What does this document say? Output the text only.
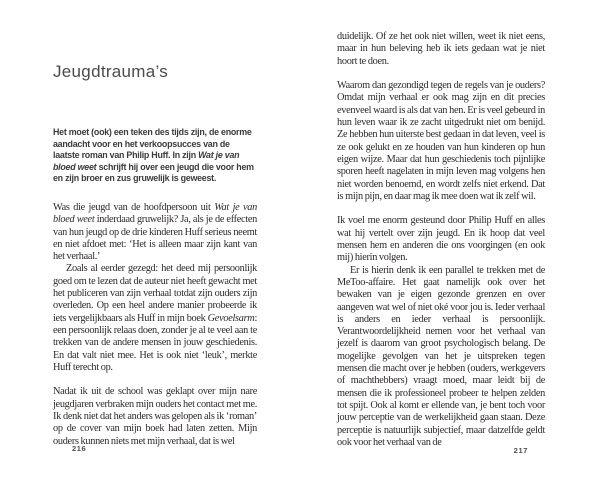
Jeugdtrauma’s
Het moet (ook) een teken des tijds zijn, de enorme aandacht voor en het verkoopsucces van de laatste roman van Philip Huff. In zijn Wat je van bloed weet schrijft hij over een jeugd die voor hem en zijn broer en zus gruwelijk is geweest.

Was die jeugd van de hoofdpersoon uit Wat je van bloed weet inderdaad gruwelijk? Ja, als je de effecten van hun jeugd op de drie kinderen Huff serieus neemt en niet afdoet met: ‘Het is alleen maar zijn kant van het verhaal.’

Zoals al eerder gezegd: het deed mij persoonlijk goed om te lezen dat de auteur niet heeft gewacht met het publiceren van zijn verhaal totdat zijn ouders zijn overleden. Op een heel andere manier probeerde ik iets vergelijkbaars als Huff in mijn boek Gevoelsarm: een persoonlijk relaas doen, zonder je al te veel aan te trekken van de andere mensen in jouw geschiedenis. En dat valt niet mee. Het is ook niet ‘leuk’, merkte Huff terecht op.

Nadat ik uit de school was geklapt over mijn nare jeugdjaren verbraken mijn ouders het contact met me. Ik denk niet dat het anders was gelopen als ik ‘roman’ op de cover van mijn boek had laten zetten. Mijn ouders kunnen niets met mijn verhaal, dat is wel

216

duidelijk. Of ze het ook niet willen, weet ik niet eens, maar in hun beleving heb ik iets gedaan wat je niet hoort te doen.

Waarom dan gezondigd tegen de regels van je ouders? Omdat mijn verhaal er ook mag zijn en dit precies evenveel waard is als dat van hen. Er is veel gebeurd in hun leven waar ik ze zacht uitgedrukt niet om benijd. Ze hebben hun uiterste best gedaan in dat leven, veel is ze ook gelukt en ze houden van hun kinderen op hun eigen wijze. Maar dat hun geschiedenis toch pijnlijke sporen heeft nagelaten in mijn leven mag volgens hen niet worden benoemd, en wordt zelfs niet erkend. Dat is mijn pijn, en daar mag ik mee doen wat ik zelf wil.

Ik voel me enorm gesteund door Philip Huff en alles wat hij vertelt over zijn jeugd. En ik hoop dat veel mensen hem en anderen die ons voorgingen (en ook mij) hierin volgen.

Er is hierin denk ik een parallel te trekken met de MeToo-affaire. Het gaat namelijk ook over het bewaken van je eigen gezonde grenzen en over aangeven wat wel of niet oké voor jou is. Ieder verhaal is anders en ieder verhaal is persoonlijk. Verantwoordelijkheid nemen voor het verhaal van jezelf is daarom van groot psychologisch belang. De mogelijke gevolgen van het je uitspreken tegen mensen die macht over je hebben (ouders, werkgevers of machthebbers) vraagt moed, maar leidt bij de mensen die ik professioneel probeer te helpen zelden tot spijt. Ook al komt er ellende van, je bent toch voor jouw perceptie van de werkelijkheid gaan staan. Deze perceptie is natuurlijk subjectief, maar datzelfde geldt ook voor het verhaal van de

217
